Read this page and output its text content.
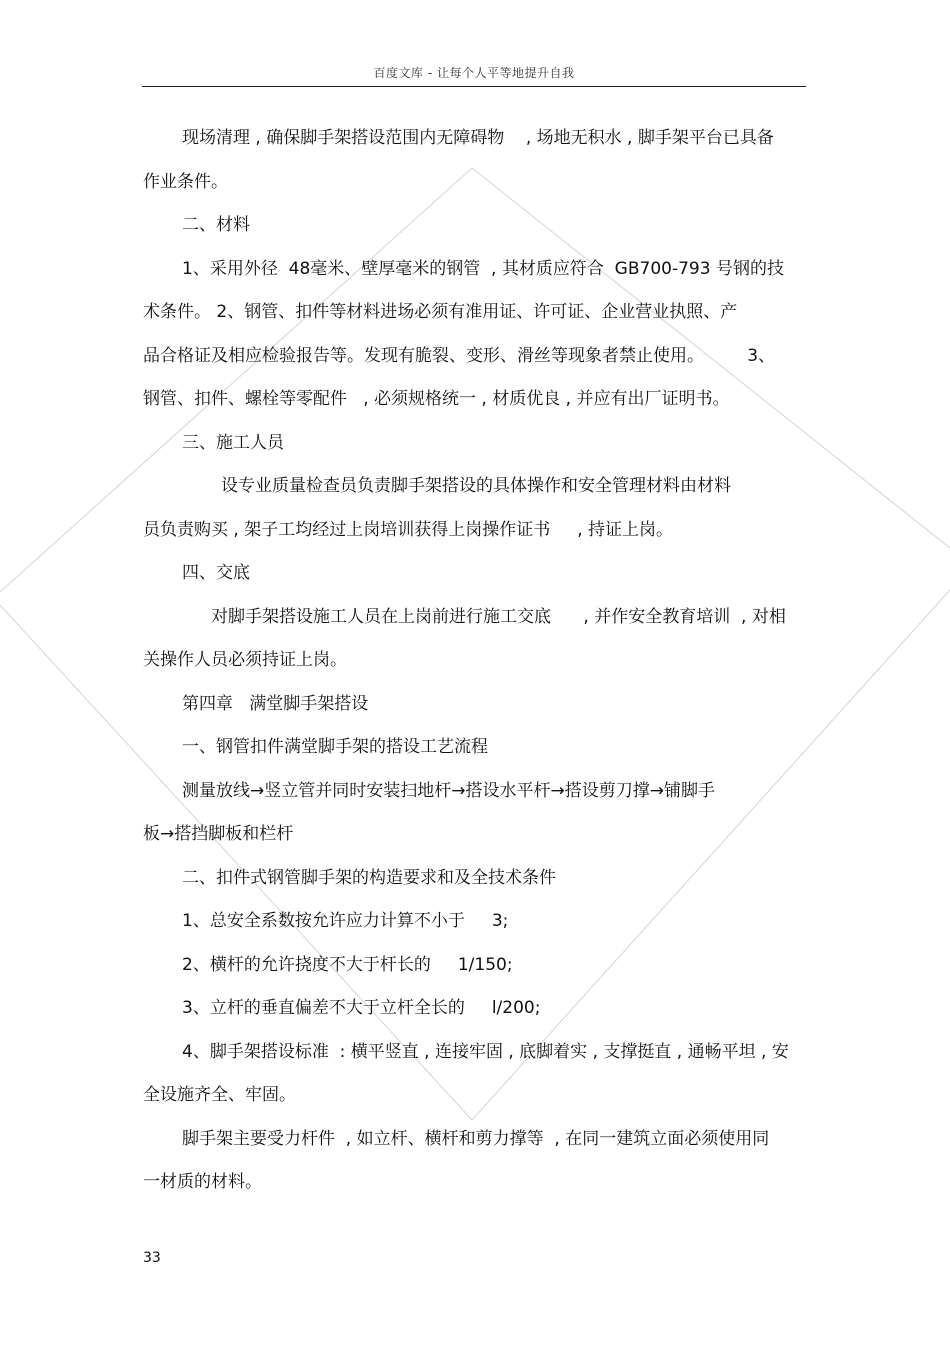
百度文库 - 让每个人平等地提升自我
现场清理 , 确保脚手架搭设范围内无障碍物    , 场地无积水 , 脚手架平台已具备
作业条件。
二、材料
1、采用外径  48毫米、壁厚毫米的钢管  , 其材质应符合  GB700-793 号钢的技
术条件。 2、钢管、扣件等材料进场必须有准用证、许可证、企业营业执照、产
品合格证及相应检验报告等。发现有脆裂、变形、滑丝等现象者禁止使用。        3、
钢管、扣件、螺栓等零配件   , 必须规格统一 , 材质优良 , 并应有出厂证明书。
三、施工人员
设专业质量检查员负责脚手架搭设的具体操作和安全管理材料由材料
员负责购买 , 架子工均经过上岗培训获得上岗操作证书     , 持证上岗。
四、交底
对脚手架搭设施工人员在上岗前进行施工交底      , 并作安全教育培训  , 对相
关操作人员必须持证上岗。
第四章   满堂脚手架搭设
一、钢管扣件满堂脚手架的搭设工艺流程
测量放线→竖立管并同时安装扫地杆→搭设水平杆→搭设剪刀撑→铺脚手
板→搭挡脚板和栏杆
二、扣件式钢管脚手架的构造要求和及全技术条件
1、总安全系数按允许应力计算不小于     3;
2、横杆的允许挠度不大于杆长的     1/150;
3、立杆的垂直偏差不大于立杆全长的     l/200;
4、脚手架搭设标准  : 横平竖直 , 连接牢固 , 底脚着实 , 支撑挺直 , 通畅平坦 , 安
全设施齐全、牢固。
脚手架主要受力杆件  , 如立杆、横杆和剪力撑等  , 在同一建筑立面必须使用同
一材质的材料。
33
